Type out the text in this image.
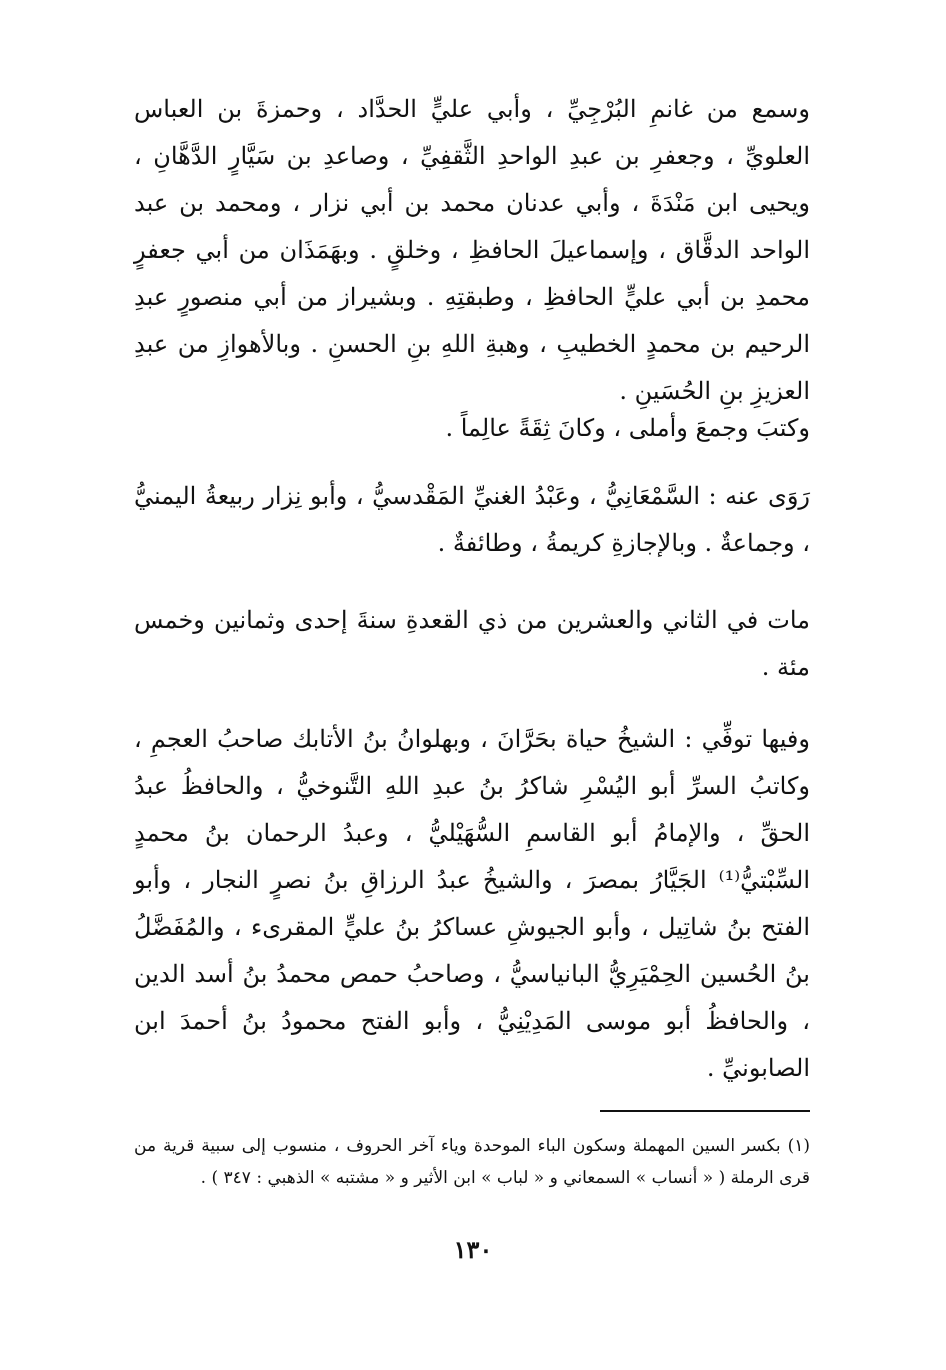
وسمع من غانمِ البُرْجِيِّ ، وأبي عليٍّ الحدَّاد ، وحمزةَ بن العباس العلويِّ ، وجعفرِ بن عبدِ الواحدِ الثَّقفِيِّ ، وصاعدِ بن سَيَّارٍ الدَّهَّانِ ، ويحيى ابن مَنْدَةَ ، وأبي عدنان محمد بن أبي نزار ، ومحمد بن عبد الواحد الدقَّاق ، وإسماعيلَ الحافظِ ، وخلقٍ . وبهَمَذَان من أبي جعفرٍ محمدِ بن أبي عليٍّ الحافظِ ، وطبقتِهِ . وبشيراز من أبي منصورٍ عبدِ الرحيم بن محمدٍ الخطيبِ ، وهبةِ اللهِ بنِ الحسنِ . وبالأهوازِ من عبدِ العزيزِ بنِ الحُسَينِ .

وكتبَ وجمعَ وأملى ، وكانَ ثِقَةً عالِماً .

رَوَى عنه : السَّمْعَانِيُّ ، وعَبْدُ الغنيِّ المَقْدسيُّ ، وأبو نِزار ربيعةُ اليمنيُّ ، وجماعةٌ . وبالإجازةِ كريمةُ ، وطائفةٌ .

مات في الثاني والعشرين من ذي القعدةِ سنةَ إحدى وثمانين وخمس مئة .

وفيها توفِّي : الشيخُ حياة بحَرَّانَ ، وبهلوانُ بنُ الأتابك صاحبُ العجمِ ، وكاتبُ السرِّ أبو اليُسْرِ شاكرُ بنُ عبدِ اللهِ التَّنوخيُّ ، والحافظُ عبدُ الحقِّ ، والإمامُ أبو القاسمِ السُّهَيْليُّ ، وعبدُ الرحمان بنُ محمدٍ السِّبْتيُّ⁽¹⁾ الجَيَّارُ بمصرَ ، والشيخُ عبدُ الرزاقِ بنُ نصرٍ النجار ، وأبو الفتح بنُ شاتِيل ، وأبو الجيوشِ عساكرُ بنُ عليٍّ المقرىء ، والمُفَضَّلُ بنُ الحُسين الحِمْيَرِيُّ البانياسيُّ ، وصاحبُ حمص محمدُ بنُ أسد الدين ، والحافظُ أبو موسى المَدِيْنِيُّ ، وأبو الفتح محمودُ بنُ أحمدَ ابن الصابونيِّ .

(١) بكسر السين المهملة وسكون الباء الموحدة وياء آخر الحروف ، منسوب إلى سبية قرية من قرى الرملة ( « أنساب » السمعاني و « لباب » ابن الأثير و « مشتبه » الذهبي : ٣٤٧ ) .

١٣٠
